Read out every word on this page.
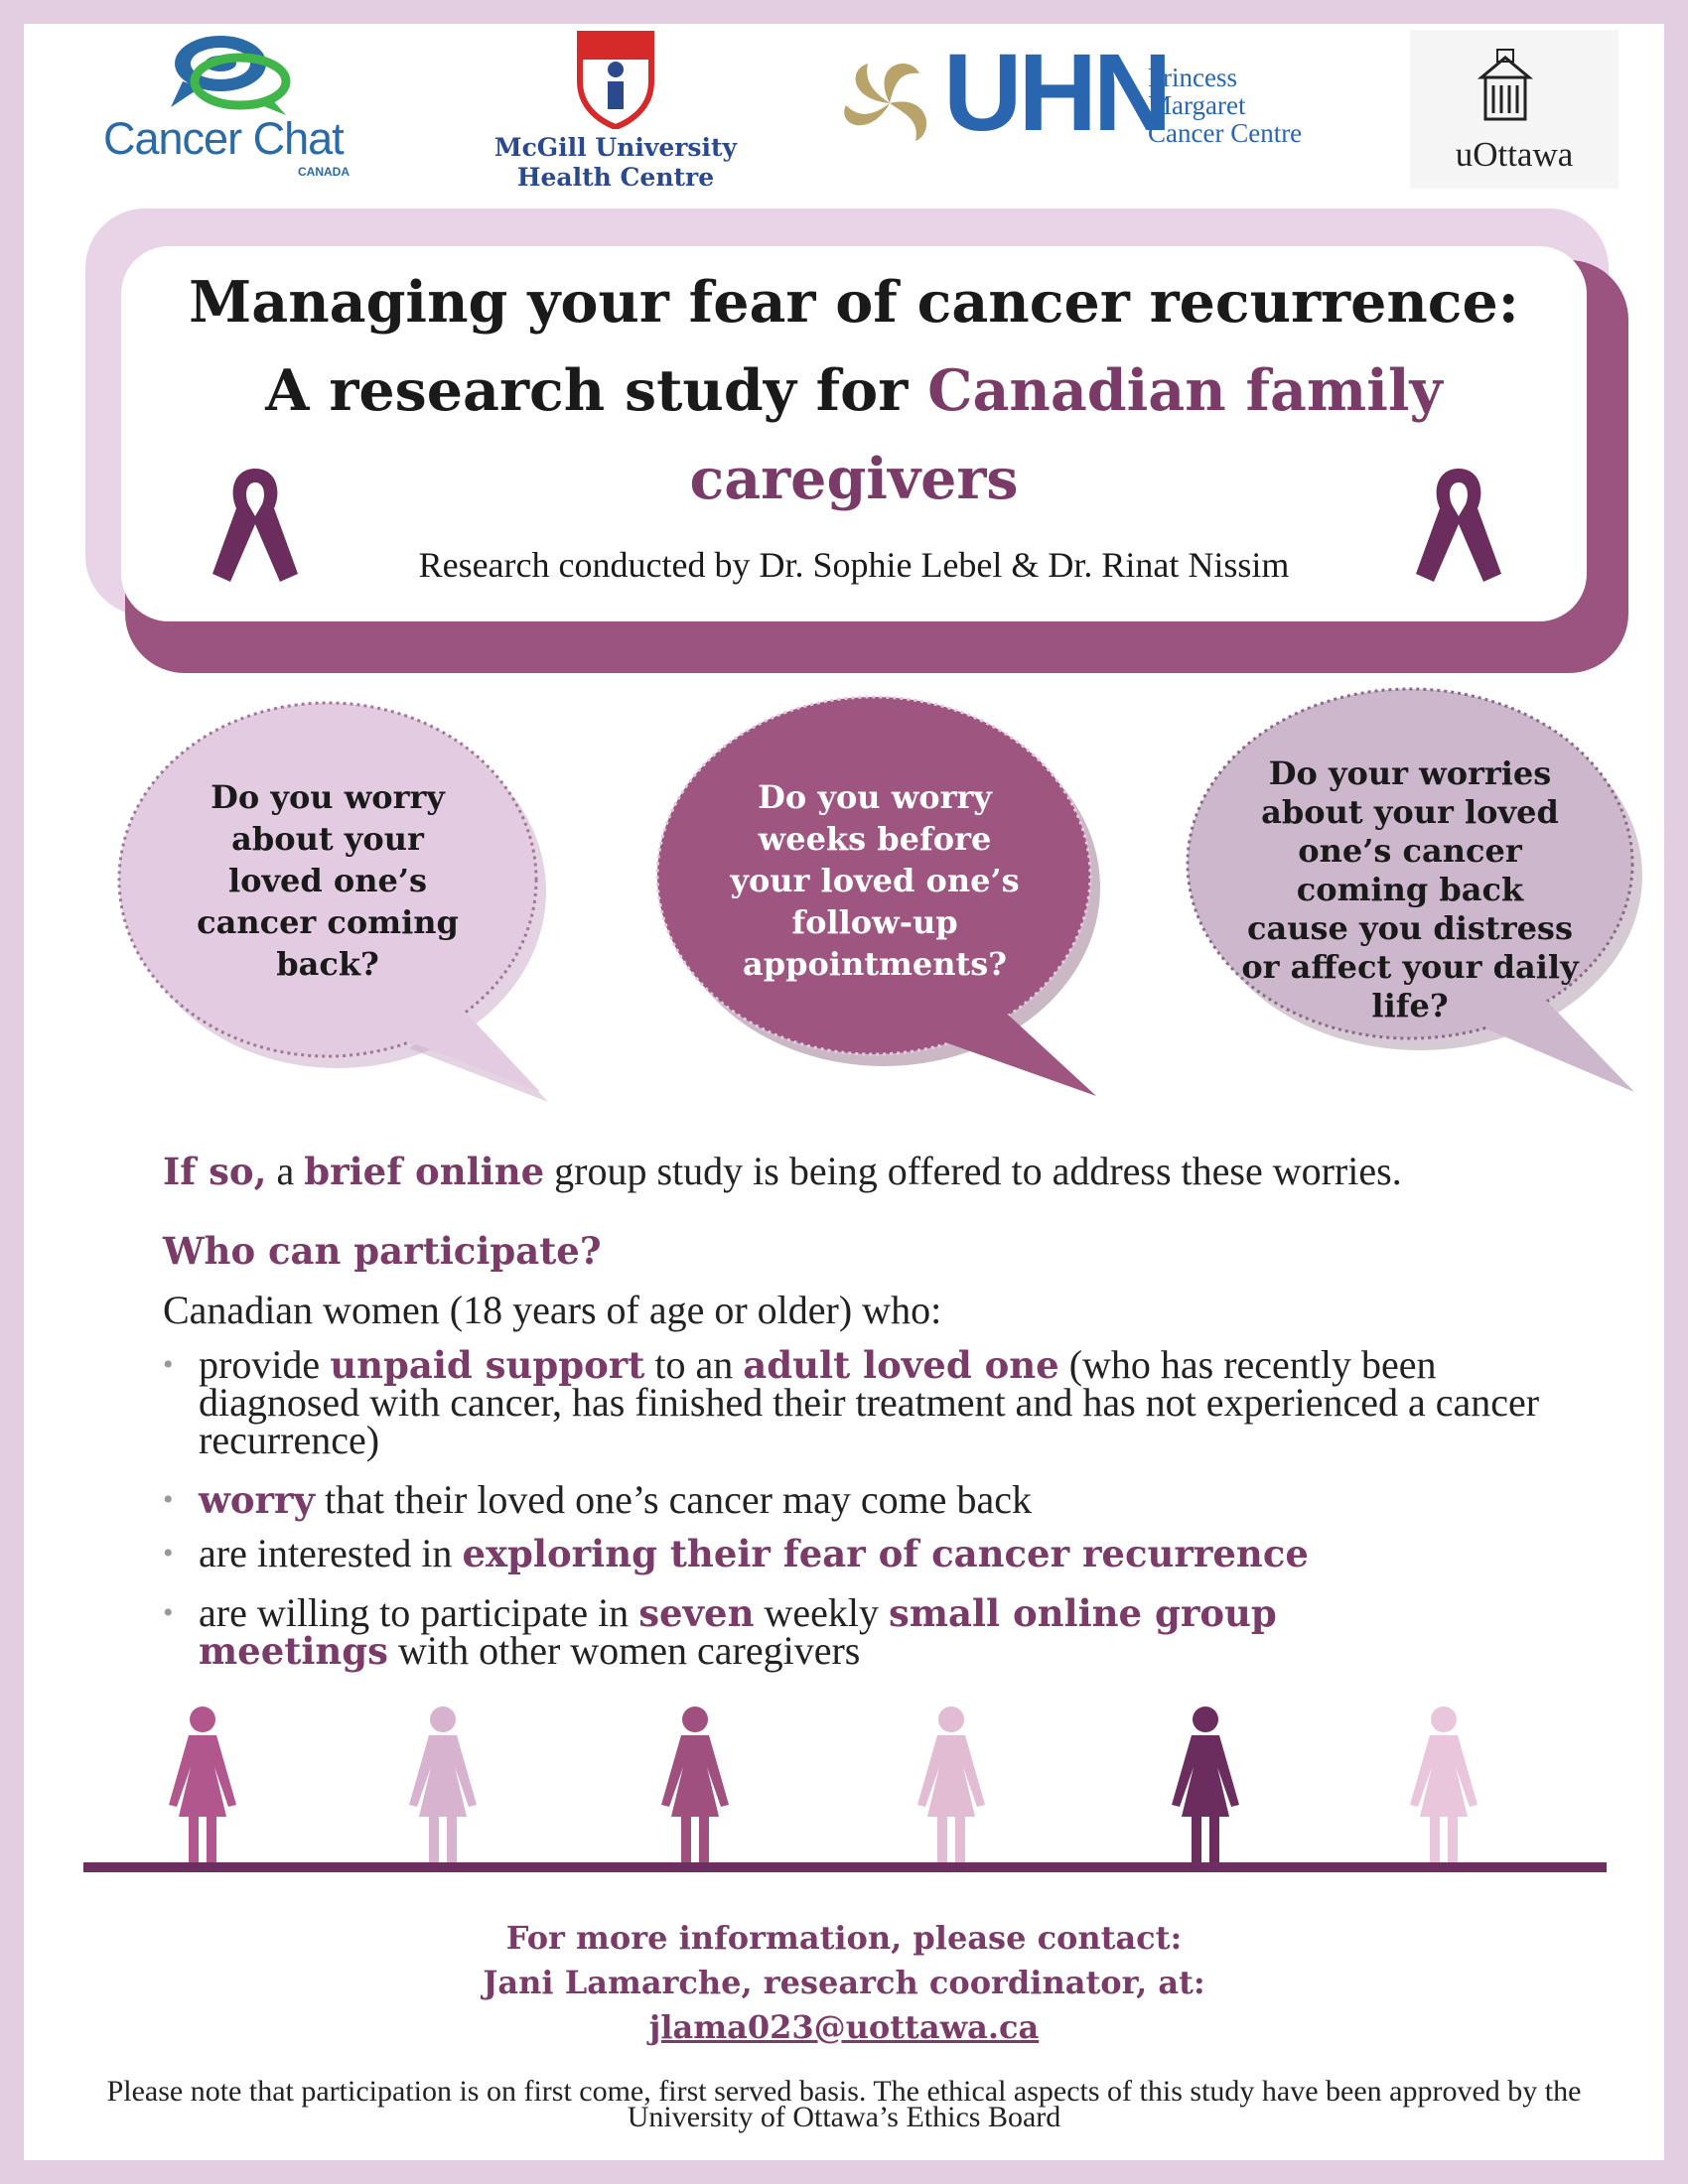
Cancer Chat
CANADA
McGill University
Health Centre
UHN
Princess
Margaret
Cancer Centre
uOttawa
Managing your fear of cancer recurrence:
A research study for Canadian family caregivers
Research conducted by Dr. Sophie Lebel & Dr. Rinat Nissim
Do you worry about your loved one’s cancer coming back?
Do you worry weeks before your loved one’s follow-up appointments?
Do your worries about your loved one’s cancer coming back cause you distress or affect your daily life?
If so, a brief online group study is being offered to address these worries.
Who can participate?
Canadian women (18 years of age or older) who:
• provide unpaid support to an adult loved one (who has recently been diagnosed with cancer, has finished their treatment and has not experienced a cancer recurrence)
• worry that their loved one’s cancer may come back
• are interested in exploring their fear of cancer recurrence
• are willing to participate in seven weekly small online group meetings with other women caregivers
For more information, please contact:
Jani Lamarche, research coordinator, at:
jlama023@uottawa.ca
Please note that participation is on first come, first served basis. The ethical aspects of this study have been approved by the University of Ottawa’s Ethics Board
